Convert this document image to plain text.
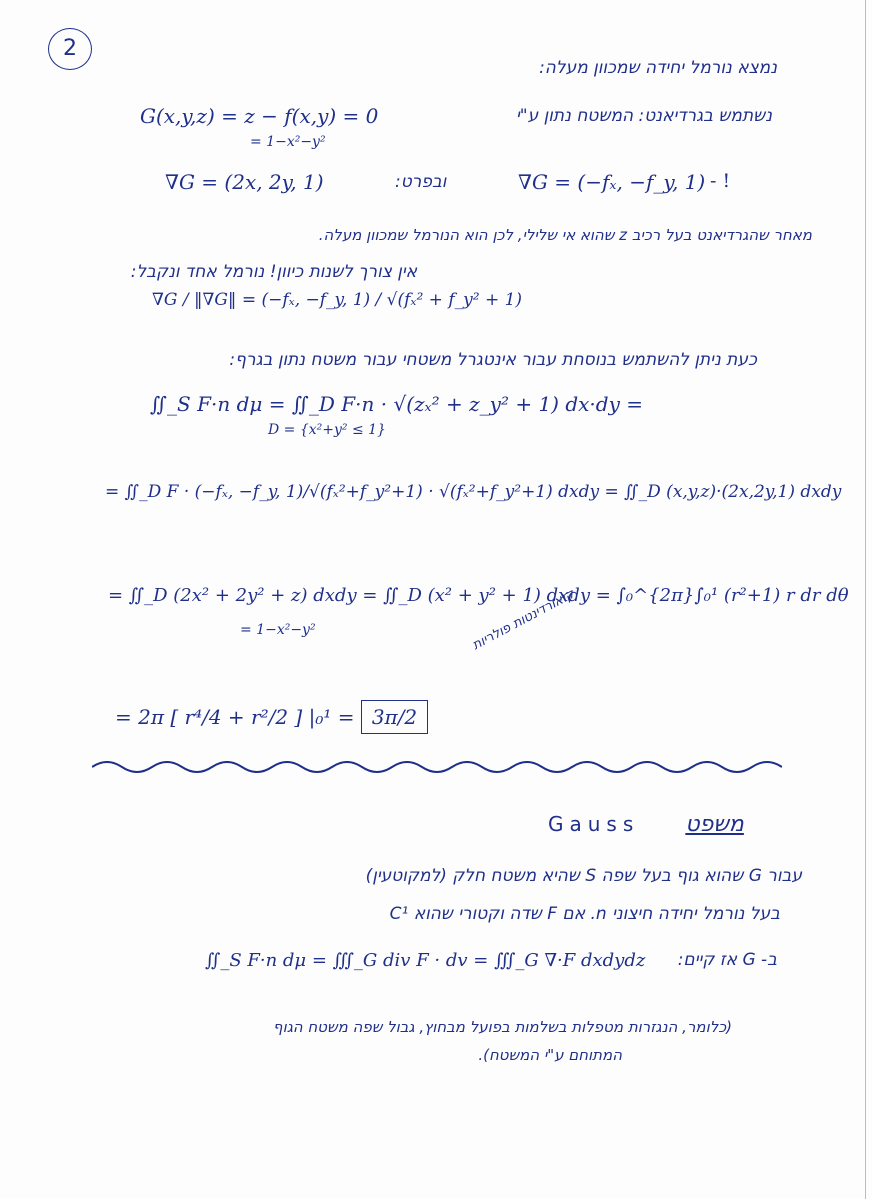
2
נמצא נורמל יחידה שמכוון מעלה:
נשתמש בגרדיאנט: המשטח נתון ע"י
G(x,y,z) = z − f(x,y) = 0
= 1−x²−y²
∇G = (2x, 2y, 1)	ובפרט:	∇G = (−fₓ, −f_y, 1) - !
מאחר שהגרדיאנט בעל רכיב z שהוא אי שלילי, לכן הוא הנורמל שמכוון מעלה.
אין צורך לשנות כיוון! נורמל אחד ונקבל:
∇G / ‖∇G‖ = (−fₓ, −f_y, 1) / √(fₓ² + f_y² + 1)
כעת ניתן להשתמש בנוסחת עבור אינטגרל משטחי עבור משטח נתון בגרף:
∬_S F·n dμ = ∬_D F·n · √(zₓ² + z_y² + 1) dx·dy =
D = {x²+y² ≤ 1}
= ∬_D F · (−fₓ, −f_y, 1)/√(fₓ²+f_y²+1) · √(fₓ²+f_y²+1) dxdy = ∬_D (x,y,z)·(2x,2y,1) dxdy
= ∬_D (2x² + 2y² + z) dxdy = ∬_D (x² + y² + 1) dxdy = ∫₀^{2π}∫₀¹ (r²+1) r dr dθ
= 1−x²−y²	קואורדינטות פולריות
= 2π [ r⁴/4 + r²/2 ] |₀¹ = 3π/2
Gauss משפט
עבור G שהוא גוף בעל שפה S שהיא משטח חלק (למקוטעין)
בעל נורמל יחידה חיצוני n. אם F שדה וקטורי שהוא C¹
ב- G אז קיים:
∬_S F·n dμ = ∭_G div F · dv = ∭_G ∇·F dxdydz
(כלומר, הנגזרות מטפלות בשלמות בפועל מבחוץ, גבול שפה משטח הגוף
המתוחם ע"י המשטח).
